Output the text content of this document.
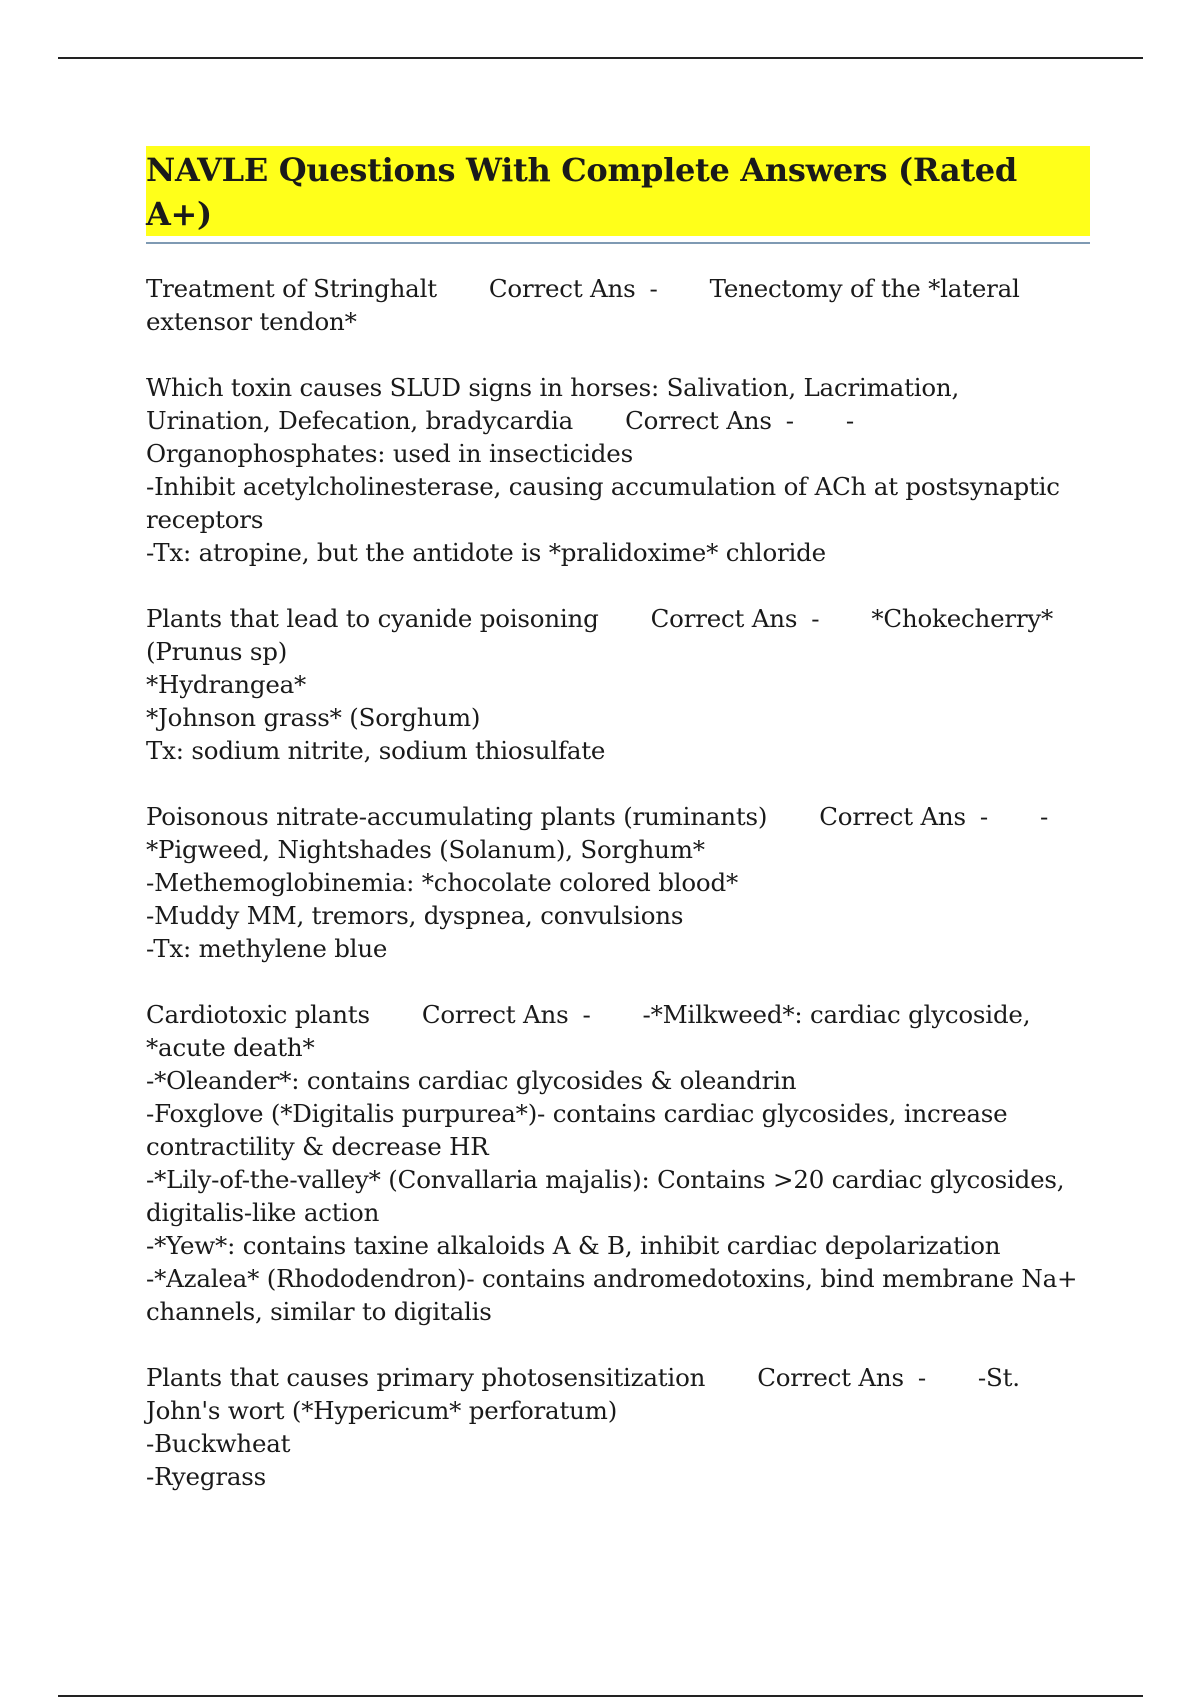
NAVLE Questions With Complete Answers (Rated A+)

Treatment of Stringhalt Correct Ans - Tenectomy of the *lateral extensor tendon*

Which toxin causes SLUD signs in horses: Salivation, Lacrimation, Urination, Defecation, bradycardia Correct Ans - -Organophosphates: used in insecticides

-Inhibit acetylcholinesterase, causing accumulation of ACh at postsynaptic receptors

-Tx: atropine, but the antidote is *pralidoxime* chloride

Plants that lead to cyanide poisoning Correct Ans - *Chokecherry* (Prunus sp)

*Hydrangea*

*Johnson grass* (Sorghum)

Tx: sodium nitrite, sodium thiosulfate

Poisonous nitrate-accumulating plants (ruminants) Correct Ans - - *Pigweed, Nightshades (Solanum), Sorghum*

-Methemoglobinemia: *chocolate colored blood*

-Muddy MM, tremors, dyspnea, convulsions

-Tx: methylene blue

Cardiotoxic plants Correct Ans - -*Milkweed*: cardiac glycoside, *acute death*

-*Oleander*: contains cardiac glycosides & oleandrin

-Foxglove (*Digitalis purpurea*)- contains cardiac glycosides, increase contractility & decrease HR

-*Lily-of-the-valley* (Convallaria majalis): Contains >20 cardiac glycosides, digitalis-like action

-*Yew*: contains taxine alkaloids A & B, inhibit cardiac depolarization

-*Azalea* (Rhododendron)- contains andromedotoxins, bind membrane Na+ channels, similar to digitalis

Plants that causes primary photosensitization Correct Ans - -St. John's wort (*Hypericum* perforatum)

-Buckwheat

-Ryegrass
